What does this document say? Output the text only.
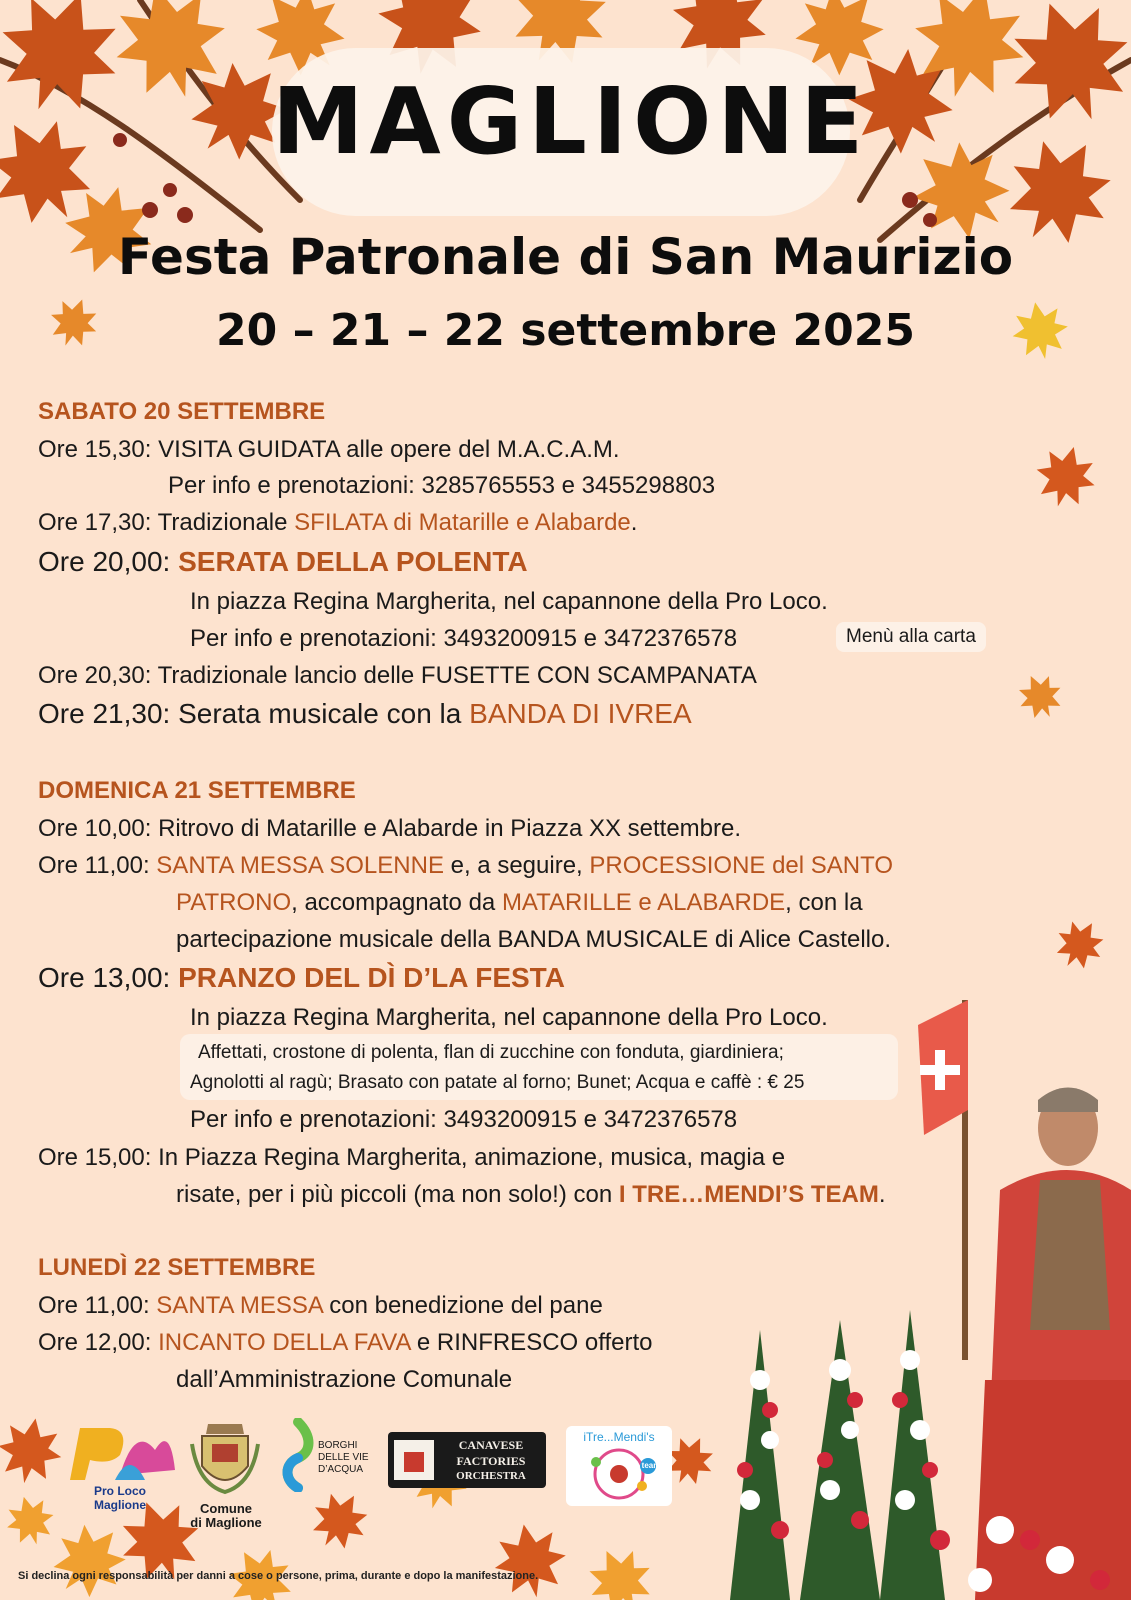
MAGLIONE
Festa Patronale di San Maurizio
20 – 21 – 22 settembre 2025
SABATO 20 SETTEMBRE
Ore 15,30: VISITA GUIDATA alle opere del M.A.C.A.M.
Per info e prenotazioni: 3285765553 e 3455298803
Ore 17,30: Tradizionale SFILATA di Matarille e Alabarde.
Ore 20,00: SERATA DELLA POLENTA
In piazza Regina Margherita, nel capannone della Pro Loco.
Per info e prenotazioni: 3493200915 e 3472376578	Menù alla carta
Ore 20,30: Tradizionale lancio delle FUSETTE CON SCAMPANATA
Ore 21,30: Serata musicale con la BANDA DI IVREA
DOMENICA 21 SETTEMBRE
Ore 10,00: Ritrovo di Matarille e Alabarde in Piazza XX settembre.
Ore 11,00: SANTA MESSA SOLENNE e, a seguire, PROCESSIONE del SANTO
PATRONO, accompagnato da MATARILLE e ALABARDE, con la
partecipazione musicale della BANDA MUSICALE di Alice Castello.
Ore 13,00: PRANZO DEL DÌ D’LA FESTA
In piazza Regina Margherita, nel capannone della Pro Loco.
Affettati, crostone di polenta, flan di zucchine con fonduta, giardiniera;
Agnolotti al ragù; Brasato con patate al forno; Bunet; Acqua e caffè : € 25
Per info e prenotazioni: 3493200915 e 3472376578
Ore 15,00: In Piazza Regina Margherita, animazione, musica, magia e
risate, per i più piccoli (ma non solo!) con I TRE…MENDI’S TEAM.
LUNEDÌ 22 SETTEMBRE
Ore 11,00: SANTA MESSA con benedizione del pane
Ore 12,00: INCANTO DELLA FAVA e RINFRESCO offerto
dall’Amministrazione Comunale
Pro Loco
Maglione	Comune
di Maglione
BORGHI
DELLE VIE
D’ACQUA
CANAVESE
FACTORIES
ORCHESTRA
iTre...Mendi's
team
Si declina ogni responsabilità per danni a cose o persone, prima, durante e dopo la manifestazione.
